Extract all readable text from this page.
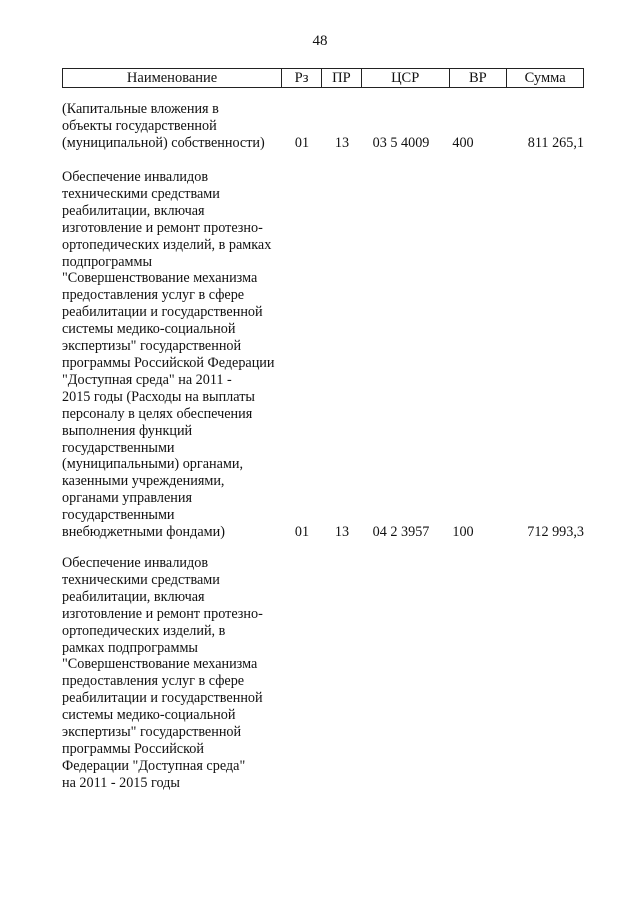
48
Наименование	Рз	ПР	ЦСР	ВР	Сумма
(Капитальные вложения в
объекты государственной
(муниципальной) собственности)	01	13	03 5 4009	400	811 265,1
Обеспечение инвалидов
техническими средствами
реабилитации, включая
изготовление и ремонт протезно-
ортопедических изделий, в рамках
подпрограммы
"Совершенствование механизма
предоставления услуг в сфере
реабилитации и государственной
системы медико-социальной
экспертизы" государственной
программы Российской Федерации
"Доступная среда" на 2011 -
2015 годы (Расходы на выплаты
персоналу в целях обеспечения
выполнения функций
государственными
(муниципальными) органами,
казенными учреждениями,
органами управления
государственными
внебюджетными фондами)	01	13	04 2 3957	100	712 993,3
Обеспечение инвалидов
техническими средствами
реабилитации, включая
изготовление и ремонт протезно-
ортопедических изделий, в
рамках подпрограммы
"Совершенствование механизма
предоставления услуг в сфере
реабилитации и государственной
системы медико-социальной
экспертизы" государственной
программы Российской
Федерации "Доступная среда"
на 2011 - 2015 годы
